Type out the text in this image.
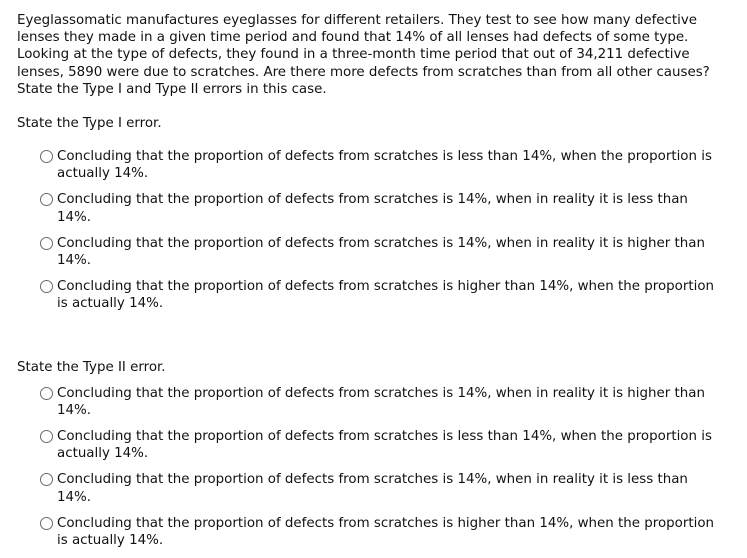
Eyeglassomatic manufactures eyeglasses for different retailers. They test to see how many defective lenses they made in a given time period and found that 14% of all lenses had defects of some type. Looking at the type of defects, they found in a three-month time period that out of 34,211 defective lenses, 5890 were due to scratches. Are there more defects from scratches than from all other causes? State the Type I and Type II errors in this case.

State the Type I error.

Concluding that the proportion of defects from scratches is less than 14%, when the proportion is actually 14%.
Concluding that the proportion of defects from scratches is 14%, when in reality it is less than 14%.
Concluding that the proportion of defects from scratches is 14%, when in reality it is higher than 14%.
Concluding that the proportion of defects from scratches is higher than 14%, when the proportion is actually 14%.

State the Type II error.

Concluding that the proportion of defects from scratches is 14%, when in reality it is higher than 14%.
Concluding that the proportion of defects from scratches is less than 14%, when the proportion is actually 14%.
Concluding that the proportion of defects from scratches is 14%, when in reality it is less than 14%.
Concluding that the proportion of defects from scratches is higher than 14%, when the proportion is actually 14%.
